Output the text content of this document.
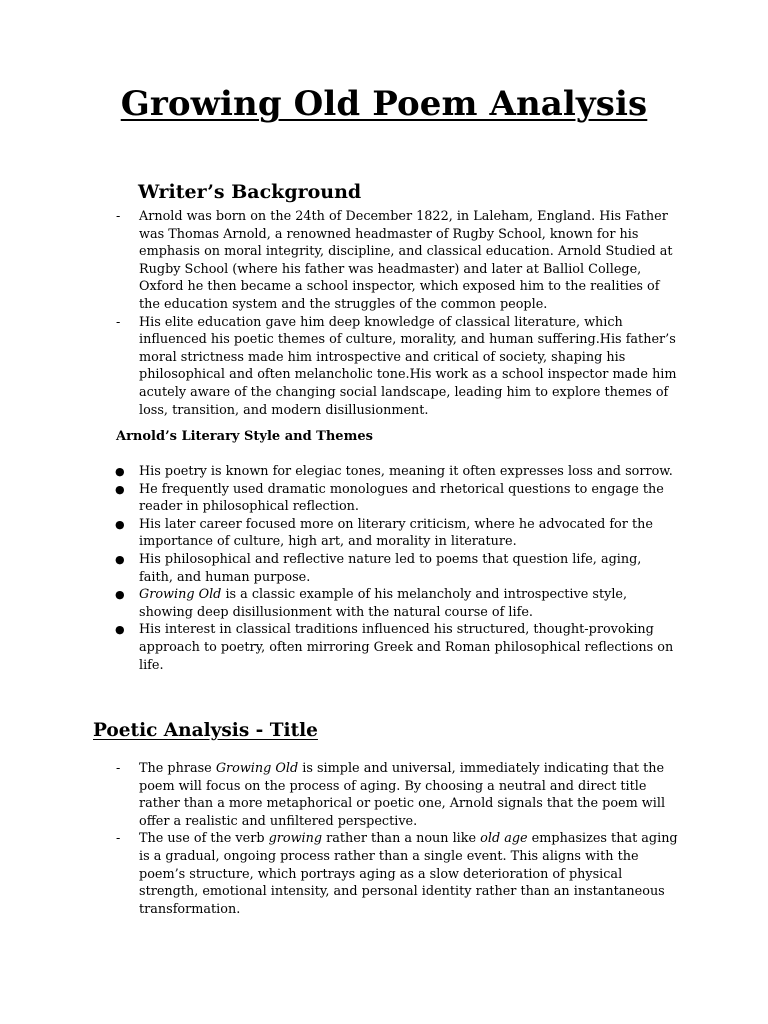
Growing Old Poem Analysis
Writer’s Background
- Arnold was born on the 24th of December 1822, in Laleham, England. His Father was Thomas Arnold, a renowned headmaster of Rugby School, known for his emphasis on moral integrity, discipline, and classical education. Arnold Studied at Rugby School (where his father was headmaster) and later at Balliol College, Oxford he then became a school inspector, which exposed him to the realities of the education system and the struggles of the common people.
- His elite education gave him deep knowledge of classical literature, which influenced his poetic themes of culture, morality, and human suffering.His father’s moral strictness made him introspective and critical of society, shaping his philosophical and often melancholic tone.His work as a school inspector made him acutely aware of the changing social landscape, leading him to explore themes of loss, transition, and modern disillusionment.
Arnold’s Literary Style and Themes
● His poetry is known for elegiac tones, meaning it often expresses loss and sorrow.
● He frequently used dramatic monologues and rhetorical questions to engage the reader in philosophical reflection.
● His later career focused more on literary criticism, where he advocated for the importance of culture, high art, and morality in literature.
● His philosophical and reflective nature led to poems that question life, aging, faith, and human purpose.
● Growing Old is a classic example of his melancholy and introspective style, showing deep disillusionment with the natural course of life.
● His interest in classical traditions influenced his structured, thought-provoking approach to poetry, often mirroring Greek and Roman philosophical reflections on life.
Poetic Analysis - Title
- The phrase Growing Old is simple and universal, immediately indicating that the poem will focus on the process of aging. By choosing a neutral and direct title rather than a more metaphorical or poetic one, Arnold signals that the poem will offer a realistic and unfiltered perspective.
- The use of the verb growing rather than a noun like old age emphasizes that aging is a gradual, ongoing process rather than a single event. This aligns with the poem’s structure, which portrays aging as a slow deterioration of physical strength, emotional intensity, and personal identity rather than an instantaneous transformation.
